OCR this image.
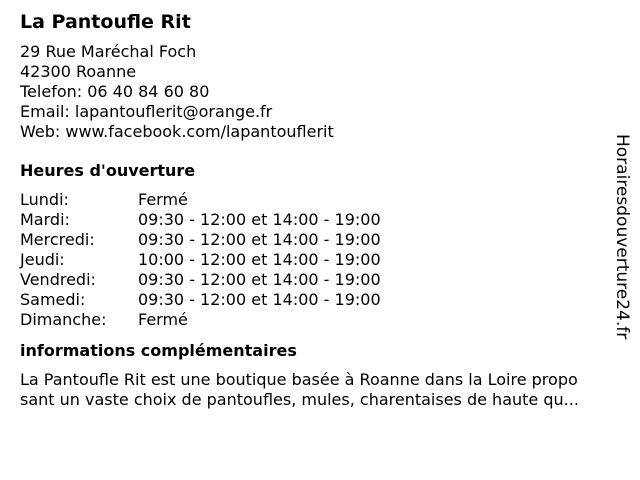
La Pantoufle Rit
29 Rue Maréchal Foch
42300 Roanne
Telefon: 06 40 84 60 80
Email: lapantouflerit@orange.fr
Web: www.facebook.com/lapantouflerit
Heures d'ouverture
Lundi:	Fermé
Mardi:	09:30 - 12:00 et 14:00 - 19:00
Mercredi:	09:30 - 12:00 et 14:00 - 19:00
Jeudi:	10:00 - 12:00 et 14:00 - 19:00
Vendredi:	09:30 - 12:00 et 14:00 - 19:00
Samedi:	09:30 - 12:00 et 14:00 - 19:00
Dimanche:	Fermé
informations complémentaires
La Pantoufle Rit est une boutique basée à Roanne dans la Loire propo
sant un vaste choix de pantoufles, mules, charentaises de haute qu...
Horairesdouverture24.fr
